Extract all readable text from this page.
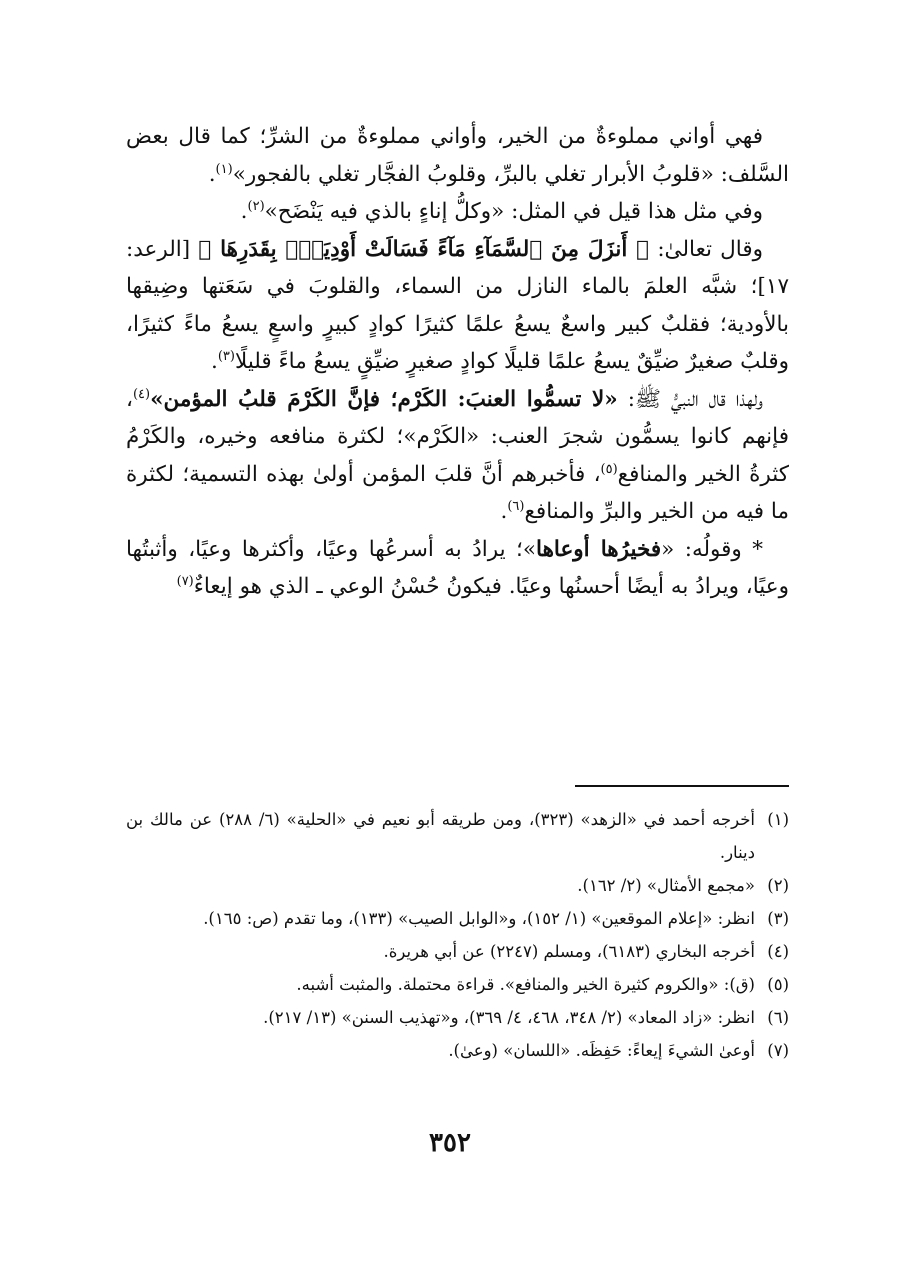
فهي أواني مملوءةٌ من الخير، وأواني مملوءةٌ من الشرِّ؛ كما قال بعض السَّلف: «قلوبُ الأبرار تغلي بالبرِّ، وقلوبُ الفجَّار تغلي بالفجور»$^{(١)}$.

وفي مثل هذا قيل في المثل: «وكلُّ إناءٍ بالذي فيه يَنْضَح»$^{(٢)}$.

وقال تعالىٰ: ﴿ أَنزَلَ مِنَ ٱلسَّمَآءِ مَآءً فَسَالَتْ أَوْدِيَةٌۢ بِقَدَرِهَا ﴾ [الرعد: ١٧]؛ شبَّه العلمَ بالماء النازل من السماء، والقلوبَ في سَعَتها وضِيقها بالأودية؛ فقلبٌ كبير واسعٌ يسعُ علمًا كثيرًا كوادٍ كبيرٍ واسعٍ يسعُ ماءً كثيرًا، وقلبٌ صغيرٌ ضيِّقٌ يسعُ علمًا قليلًا كوادٍ صغيرٍ ضيِّقٍ يسعُ ماءً قليلًا$^{(٣)}$.

ولهذا قال النبيُّ ﷺ: «لا تسمُّوا العنبَ: الكَرْم؛ فإنَّ الكَرْمَ قلبُ المؤمن»$^{(٤)}$، فإنهم كانوا يسمُّون شجرَ العنب: «الكَرْم»؛ لكثرة منافعه وخيره، والكَرْمُ كثرةُ الخير والمنافع$^{(٥)}$، فأخبرهم أنَّ قلبَ المؤمن أولىٰ بهذه التسمية؛ لكثرة ما فيه من الخير والبرِّ والمنافع$^{(٦)}$.

* وقولُه: «فخيرُها أوعاها»؛ يرادُ به أسرعُها وعيًا، وأكثرها وعيًا، وأثبتُها وعيًا، ويرادُ به أيضًا أحسنُها وعيًا. فيكونُ حُسْنُ الوعي ـ الذي هو إيعاءٌ$^{(٧)}$

(١)
أخرجه أحمد في «الزهد» (٣٢٣)، ومن طريقه أبو نعيم في «الحلية» (٦/ ٢٨٨) عن مالك بن دينار.
(٢)
«مجمع الأمثال» (٢/ ١٦٢).
(٣)
انظر: «إعلام الموقعين» (١/ ١٥٢)، و«الوابل الصيب» (١٣٣)، وما تقدم (ص: ١٦٥).
(٤)
أخرجه البخاري (٦١٨٣)، ومسلم (٢٢٤٧) عن أبي هريرة.
(٥)
(ق): «والكروم كثيرة الخير والمنافع». قراءة محتملة. والمثبت أشبه.
(٦)
انظر: «زاد المعاد» (٢/ ٣٤٨، ٤٦٨، ٤/ ٣٦٩)، و«تهذيب السنن» (١٣/ ٢١٧).
(٧)
أوعىٰ الشيءَ إيعاءً: حَفِظَه. «اللسان» (وعىٰ).
٣٥٢
